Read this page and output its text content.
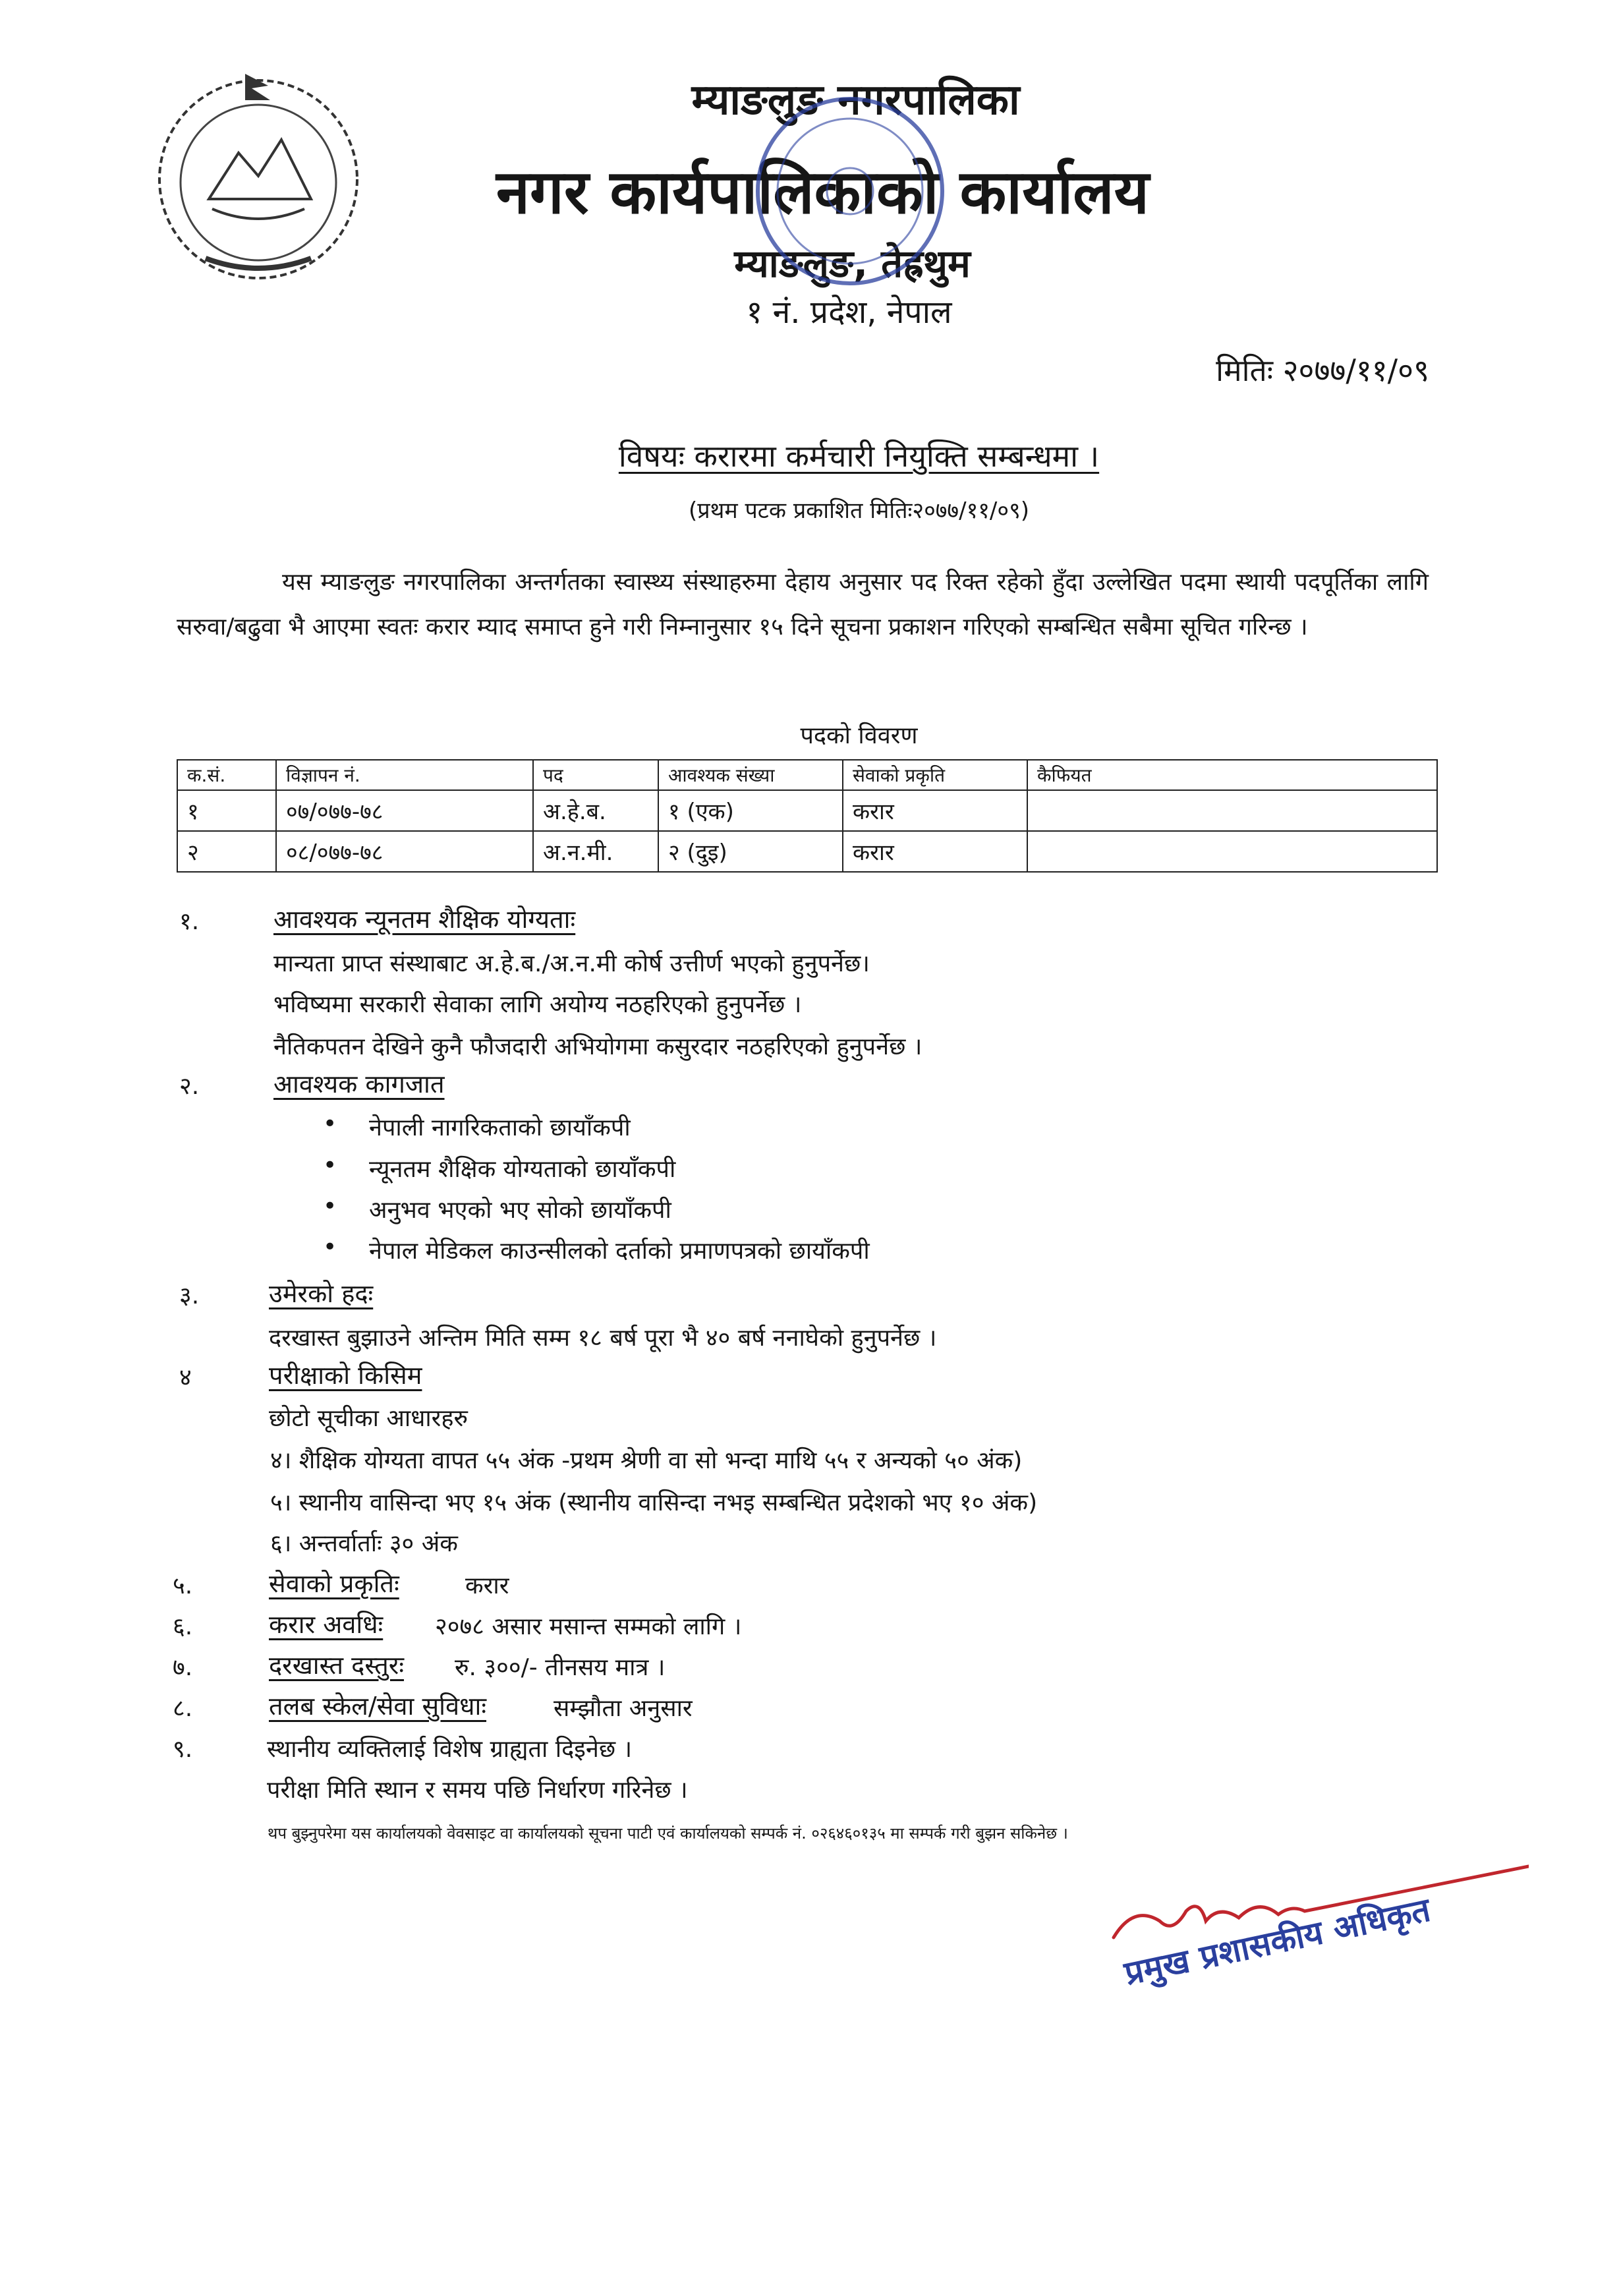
म्याङलुङ नगरपालिका
नगर कार्यपालिकाको कार्यालय
म्याङलुङ, तेह्रथुम
१ नं. प्रदेश, नेपाल
मितिः २०७७/११/०९
विषयः करारमा कर्मचारी नियुक्ति सम्बन्धमा ।
(प्रथम पटक प्रकाशित मितिः२०७७/११/०९)
यस म्याङलुङ नगरपालिका अन्तर्गतका स्वास्थ्य संस्थाहरुमा देहाय अनुसार पद रिक्त रहेको हुँदा उल्लेखित पदमा स्थायी पदपूर्तिका लागि सरुवा/बढुवा भै आएमा स्वतः करार म्याद समाप्त हुने गरी निम्नानुसार १५ दिने सूचना प्रकाशन गरिएको सम्बन्धित सबैमा सूचित गरिन्छ ।
पदको विवरण
क.सं.	विज्ञापन नं.	पद	आवश्यक संख्या	सेवाको प्रकृति	कैफियत
१	०७/०७७-७८	अ.हे.ब.	१ (एक)	करार	
२	०८/०७७-७८	अ.न.मी.	२ (दुइ)	करार	
१.	आवश्यक न्यूनतम शैक्षिक योग्यताः
मान्यता प्राप्त संस्थाबाट अ.हे.ब./अ.न.मी कोर्ष उत्तीर्ण भएको हुनुपर्नेछ।
भविष्यमा सरकारी सेवाका लागि अयोग्य नठहरिएको हुनुपर्नेछ ।
नैतिकपतन देखिने कुनै फौजदारी अभियोगमा कसुरदार नठहरिएको हुनुपर्नेछ ।
२.	आवश्यक कागजात
• नेपाली नागरिकताको छायाँकपी
• न्यूनतम शैक्षिक योग्यताको छायाँकपी
• अनुभव भएको भए सोको छायाँकपी
• नेपाल मेडिकल काउन्सीलको दर्ताको प्रमाणपत्रको छायाँकपी
३.	उमेरको हदः
दरखास्त बुझाउने अन्तिम मिति सम्म १८ बर्ष पूरा भै ४० बर्ष ननाघेको हुनुपर्नेछ ।
४	परीक्षाको किसिम
छोटो सूचीका आधारहरु
४। शैक्षिक योग्यता वापत ५५ अंक -प्रथम श्रेणी वा सो भन्दा माथि ५५ र अन्यको ५० अंक)
५। स्थानीय वासिन्दा भए १५ अंक (स्थानीय वासिन्दा नभइ सम्बन्धित प्रदेशको भए १० अंक)
६। अन्तर्वार्ताः ३० अंक
५.	सेवाको प्रकृतिः	करार
६.	करार अवधिः २०७८ असार मसान्त सम्मको लागि ।
७.	दरखास्त दस्तुरः रु. ३००/- तीनसय मात्र ।
८.	तलब स्केल/सेवा सुविधाः	सम्झौता अनुसार
९.	स्थानीय व्यक्तिलाई विशेष ग्राह्यता दिइनेछ ।
परीक्षा मिति स्थान र समय पछि निर्धारण गरिनेछ ।
थप बुझ्नुपरेमा यस कार्यालयको वेवसाइट वा कार्यालयको सूचना पाटी एवं कार्यालयको सम्पर्क नं. ०२६४६०१३५ मा सम्पर्क गरी बुझन सकिनेछ ।
प्रमुख प्रशासकीय अधिकृत
